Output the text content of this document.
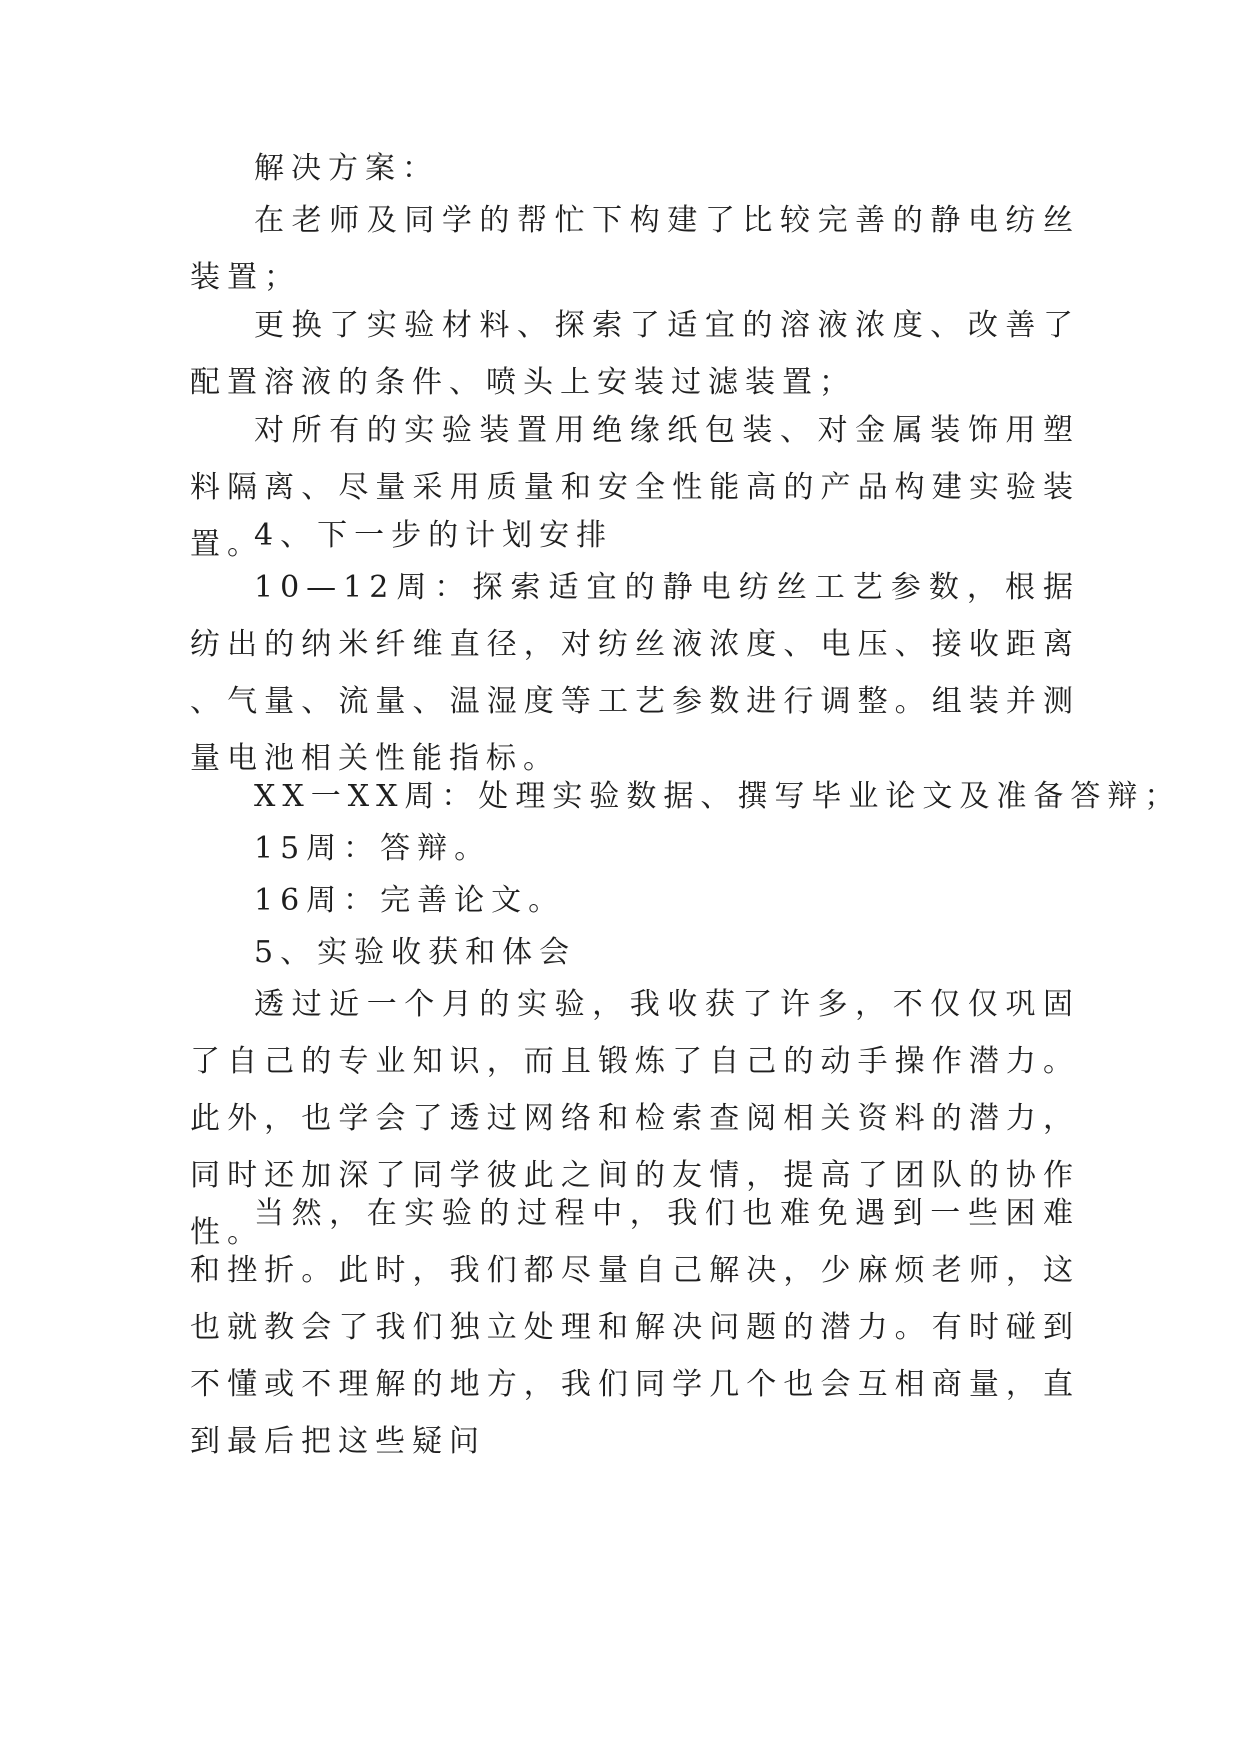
解决方案：

在老师及同学的帮忙下构建了比较完善的静电纺丝装置；

更换了实验材料、探索了适宜的溶液浓度、改善了配置溶液的条件、喷头上安装过滤装置；

对所有的实验装置用绝缘纸包装、对金属装饰用塑料隔离、尽量采用质量和安全性能高的产品构建实验装置。

4、下一步的计划安排

10—12周：探索适宜的静电纺丝工艺参数，根据纺出的纳米纤维直径，对纺丝液浓度、电压、接收距离、气量、流量、温湿度等工艺参数进行调整。组装并测量电池相关性能指标。

XX一XX周：处理实验数据、撰写毕业论文及准备答辩；

15周：答辩。

16周：完善论文。

5、实验收获和体会

透过近一个月的实验，我收获了许多，不仅仅巩固了自己的专业知识，而且锻炼了自己的动手操作潜力。此外，也学会了透过网络和检索查阅相关资料的潜力，同时还加深了同学彼此之间的友情，提高了团队的协作性。

当然，在实验的过程中，我们也难免遇到一些困难和挫折。此时，我们都尽量自己解决，少麻烦老师，这也就教会了我们独立处理和解决问题的潜力。有时碰到不懂或不理解的地方，我们同学几个也会互相商量，直到最后把这些疑问
